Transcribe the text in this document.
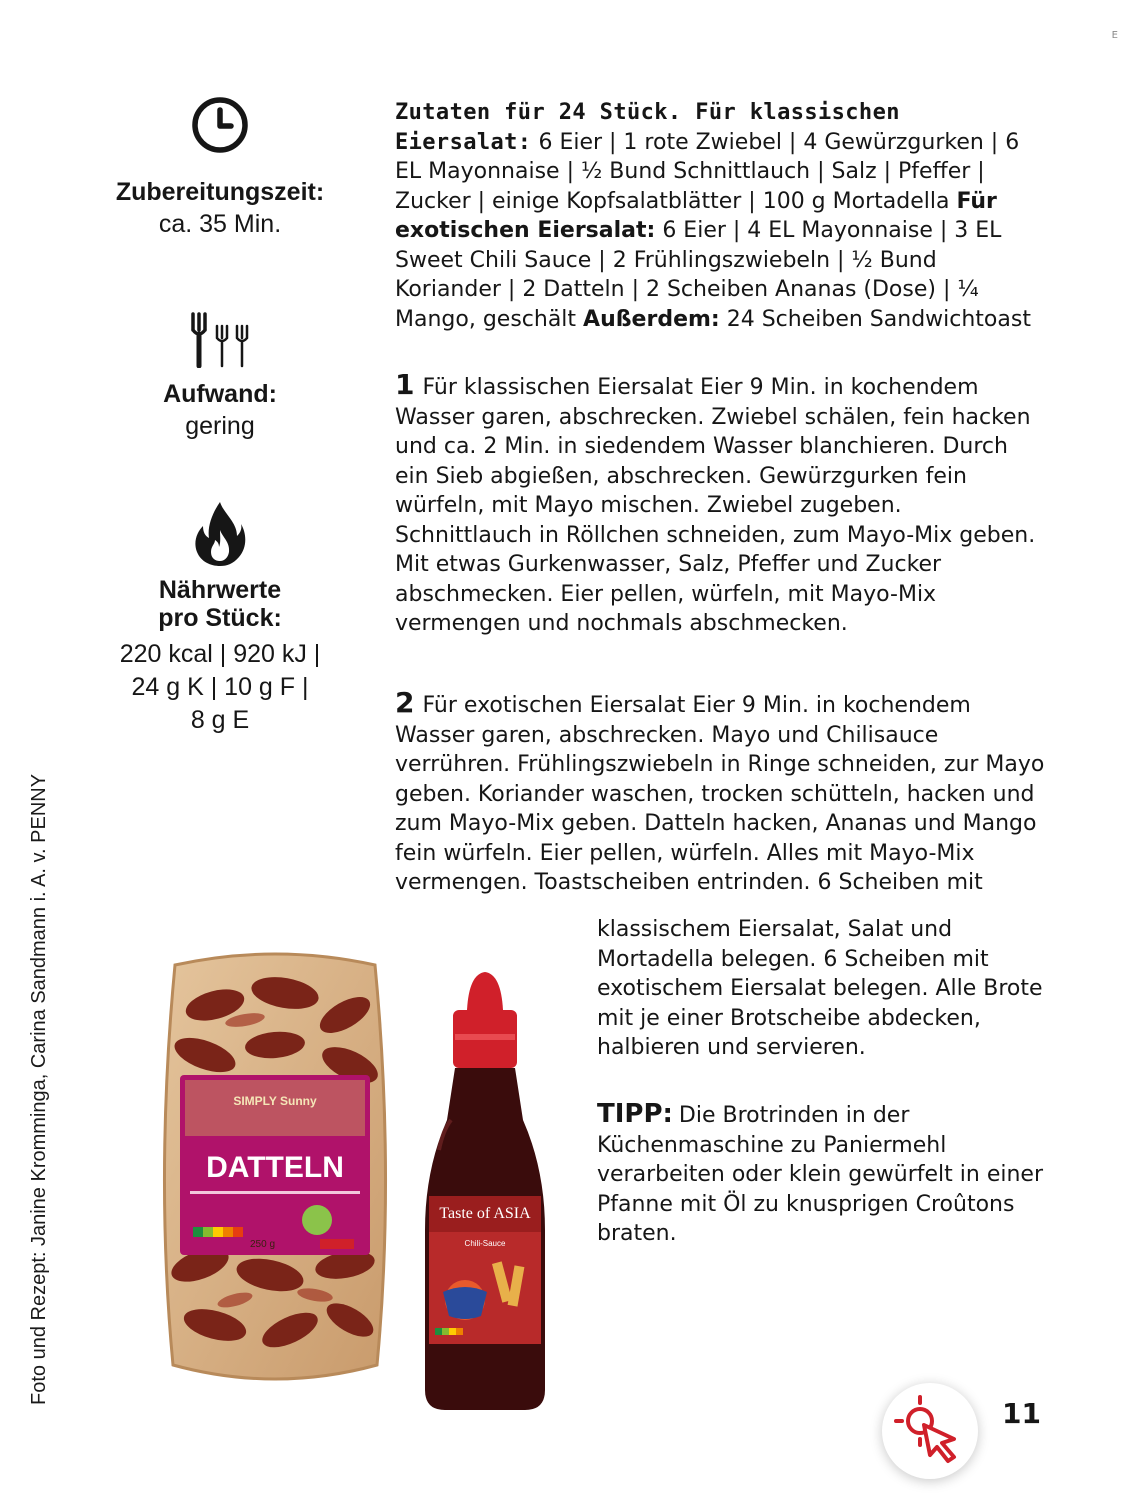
E
Zubereitungszeit:
ca. 35 Min.
Aufwand:
gering
Nährwerte
pro Stück:
220 kcal | 920 kJ |
24 g K | 10 g F |
8 g E
Foto und Rezept: Janine Kromminga, Carina Sandmann i. A. v. PENNY
Zutaten für 24 Stück. Für klassischen Eiersalat: 6 Eier | 1 rote Zwiebel | 4 Gewürzgurken | 6 EL Mayonnaise | ½ Bund Schnittlauch | Salz | Pfeffer | Zucker | einige Kopfsalatblätter | 100 g Mortadella Für exotischen Eiersalat: 6 Eier | 4 EL Mayonnaise | 3 EL Sweet Chili Sauce | 2 Frühlingszwiebeln | ½ Bund Koriander | 2 Datteln | 2 Scheiben Ananas (Dose) | ¼ Mango, geschält Außerdem: 24 Scheiben Sandwichtoast
1 Für klassischen Eiersalat Eier 9 Min. in kochendem Wasser garen, abschrecken. Zwiebel schälen, fein hacken und ca. 2 Min. in siedendem Wasser blanchieren. Durch ein Sieb abgießen, abschrecken. Gewürzgurken fein würfeln, mit Mayo mischen. Zwiebel zugeben. Schnittlauch in Röllchen schneiden, zum Mayo-Mix geben. Mit etwas Gurkenwasser, Salz, Pfeffer und Zucker abschmecken. Eier pellen, würfeln, mit Mayo-Mix vermengen und nochmals abschmecken.
2 Für exotischen Eiersalat Eier 9 Min. in kochendem Wasser garen, abschrecken. Mayo und Chilisauce verrühren. Frühlingszwiebeln in Ringe schneiden, zur Mayo geben. Koriander waschen, trocken schütteln, hacken und zum Mayo-Mix geben. Datteln hacken, Ananas und Mango fein würfeln. Eier pellen, würfeln. Alles mit Mayo-Mix vermengen. Toastscheiben entrinden. 6 Scheiben mit
klassischem Eiersalat, Salat und Mortadella belegen. 6 Scheiben mit exotischem Eiersalat belegen. Alle Brote mit je einer Brotscheibe abdecken, halbieren und servieren.
TIPP: Die Brotrinden in der Küchenmaschine zu Paniermehl verarbeiten oder klein gewürfelt in einer Pfanne mit Öl zu knusprigen Croûtons braten.
SIMPLY Sunny
DATTELN
250 g
Taste of ASIA
Chili-Sauce
11
